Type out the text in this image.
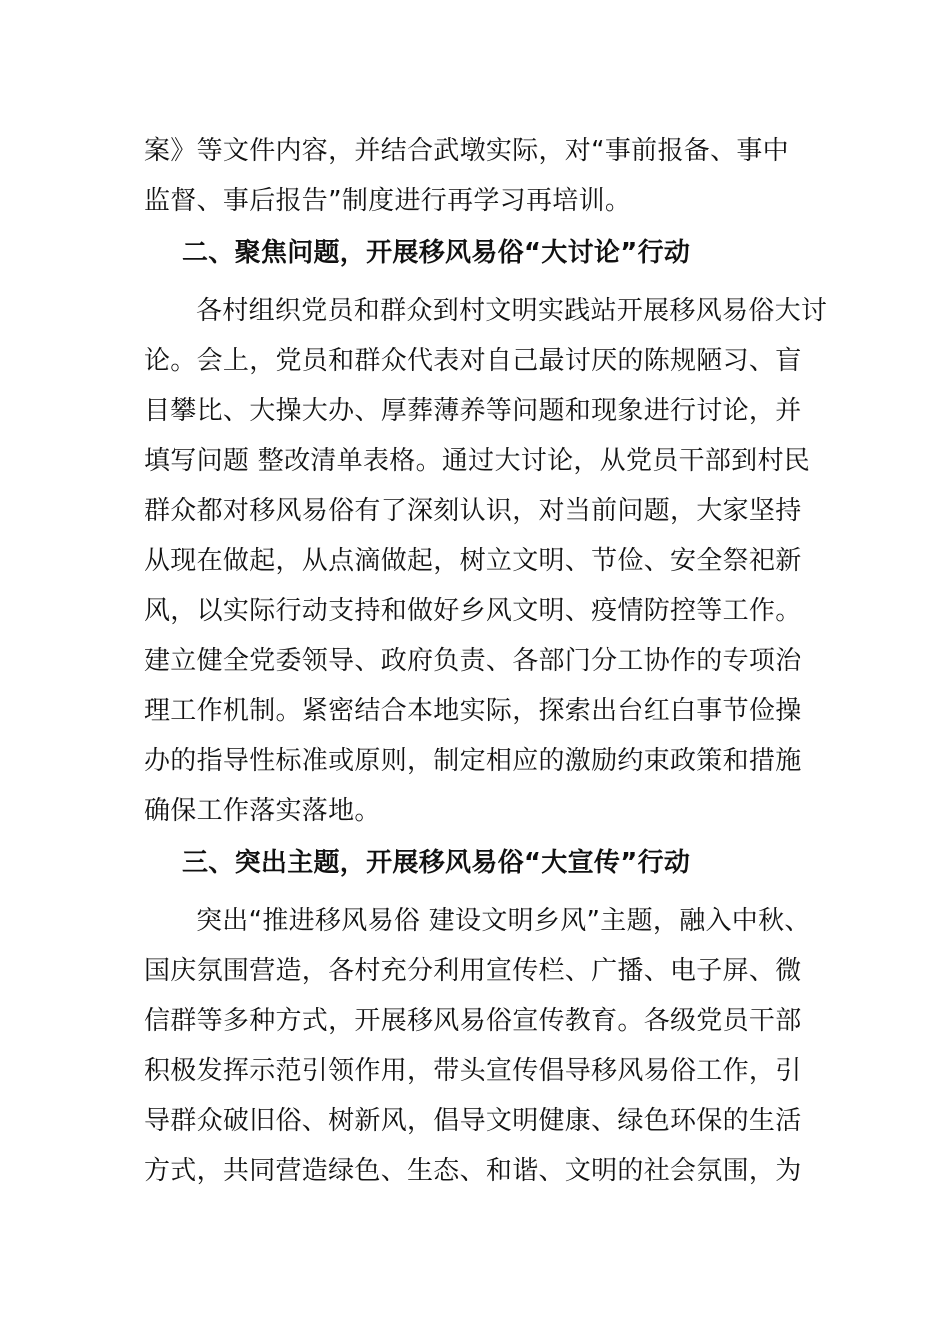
案》等文件内容，并结合武墩实际，对“事前报备、事中

监督、事后报告”制度进行再学习再培训。

二、聚焦问题，开展移风易俗“大讨论”行动

各村组织党员和群众到村文明实践站开展移风易俗大讨

论。会上，党员和群众代表对自己最讨厌的陈规陋习、盲

目攀比、大操大办、厚葬薄养等问题和现象进行讨论，并

填写问题 整改清单表格。通过大讨论，从党员干部到村民

群众都对移风易俗有了深刻认识，对当前问题，大家坚持

从现在做起，从点滴做起，树立文明、节俭、安全祭祀新

风，以实际行动支持和做好乡风文明、疫情防控等工作。

建立健全党委领导、政府负责、各部门分工协作的专项治

理工作机制。紧密结合本地实际，探索出台红白事节俭操

办的指导性标准或原则，制定相应的激励约束政策和措施

确保工作落实落地。

三、突出主题，开展移风易俗“大宣传”行动

突出“推进移风易俗 建设文明乡风”主题，融入中秋、

国庆氛围营造，各村充分利用宣传栏、广播、电子屏、微

信群等多种方式，开展移风易俗宣传教育。各级党员干部

积极发挥示范引领作用，带头宣传倡导移风易俗工作，引

导群众破旧俗、树新风，倡导文明健康、绿色环保的生活

方式，共同营造绿色、生态、和谐、文明的社会氛围，为
